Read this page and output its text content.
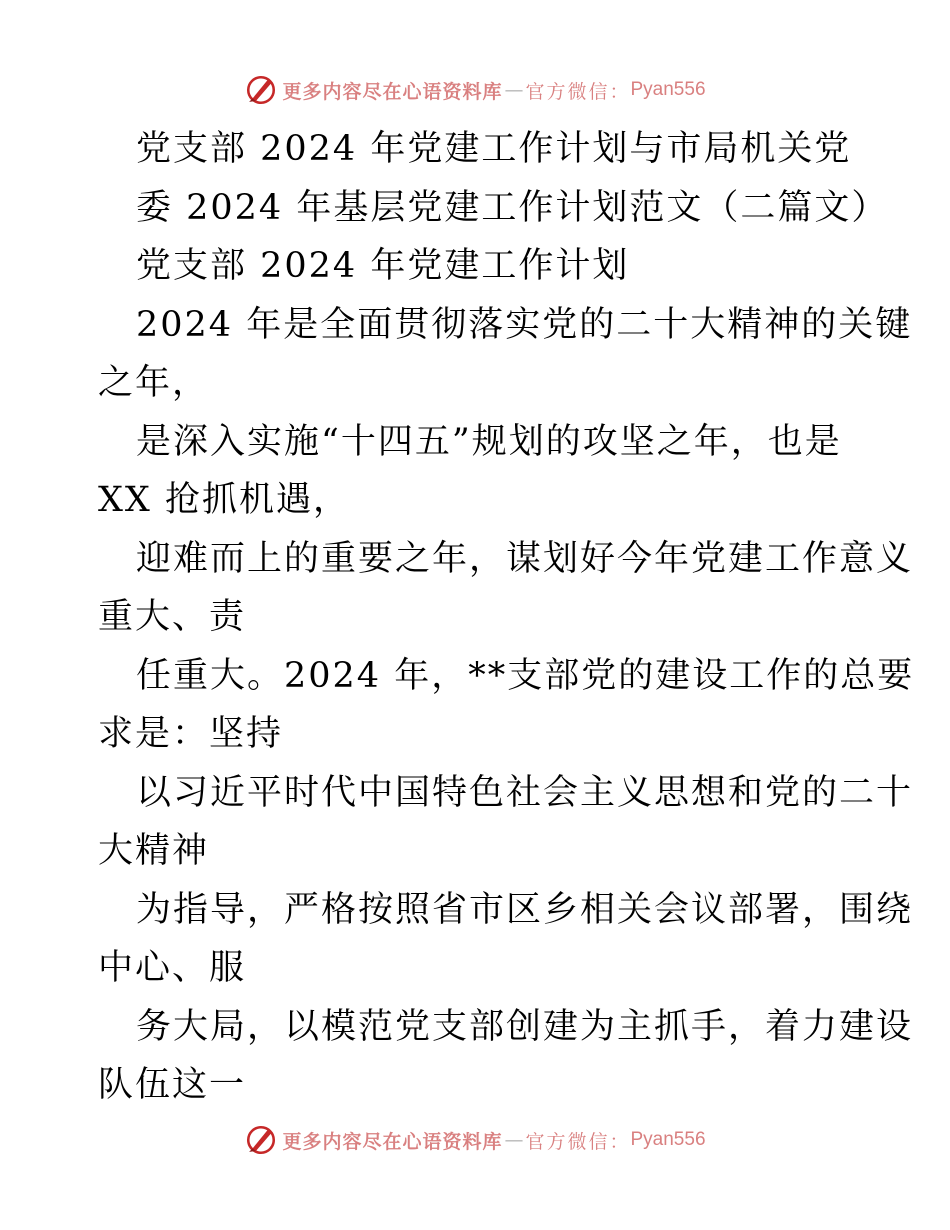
更多内容尽在心语资料库 — 官方微信： Pyan556
党支部 2024 年党建工作计划与市局机关党
委 2024 年基层党建工作计划范文（二篇文）
党支部 2024 年党建工作计划
2024 年是全面贯彻落实党的二十大精神的关键
之年，
是深入实施“十四五”规划的攻坚之年，也是
XX 抢抓机遇，
迎难而上的重要之年，谋划好今年党建工作意义
重大、责
任重大。2024 年，**支部党的建设工作的总要
求是：坚持
以习近平时代中国特色社会主义思想和党的二十
大精神
为指导，严格按照省市区乡相关会议部署，围绕
中心、服
务大局，以模范党支部创建为主抓手，着力建设
队伍这一
更多内容尽在心语资料库 — 官方微信： Pyan556
